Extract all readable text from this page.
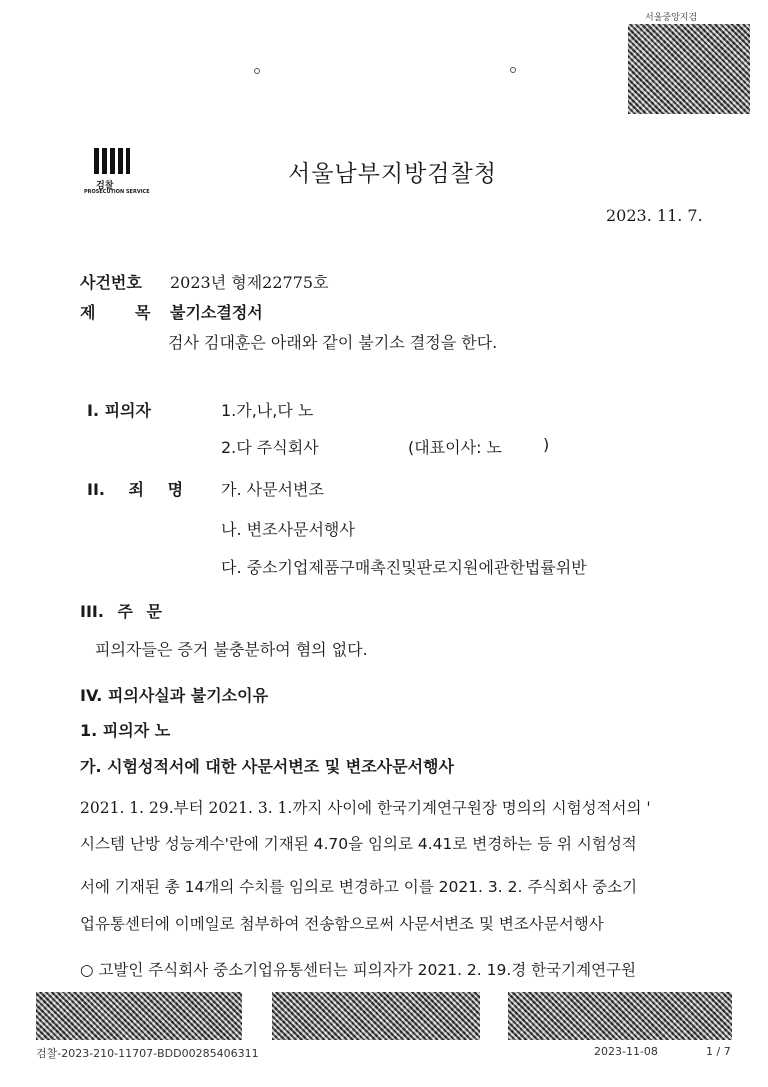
서울중앙지검
검찰
PROSECUTION SERVICE
서울남부지방검찰청
2023. 11. 7.
사건번호 2023년 형제22775호
제 목 불기소결정서
검사 김대훈은 아래와 같이 불기소 결정을 한다.
I. 피의자	1.가,나,다 노
2.다 주식회사	(대표이사: 노	)
II. 죄 명 가. 사문서변조
나. 변조사문서행사
다. 중소기업제품구매촉진및판로지원에관한법률위반
III. 주 문
피의자들은 증거 불충분하여 혐의 없다.
IV. 피의사실과 불기소이유
1. 피의자 노
가. 시험성적서에 대한 사문서변조 및 변조사문서행사
2021. 1. 29.부터 2021. 3. 1.까지 사이에 한국기계연구원장 명의의 시험성적서의 '
시스템 난방 성능계수'란에 기재된 4.70을 임의로 4.41로 변경하는 등 위 시험성적
서에 기재된 총 14개의 수치를 임의로 변경하고 이를 2021. 3. 2. 주식회사 중소기
업유통센터에 이메일로 첨부하여 전송함으로써 사문서변조 및 변조사문서행사
○ 고발인 주식회사 중소기업유통센터는 피의자가 2021. 2. 19.경 한국기계연구원
검찰-2023-210-11707-BDD00285406311	2023-11-08	1 / 7
